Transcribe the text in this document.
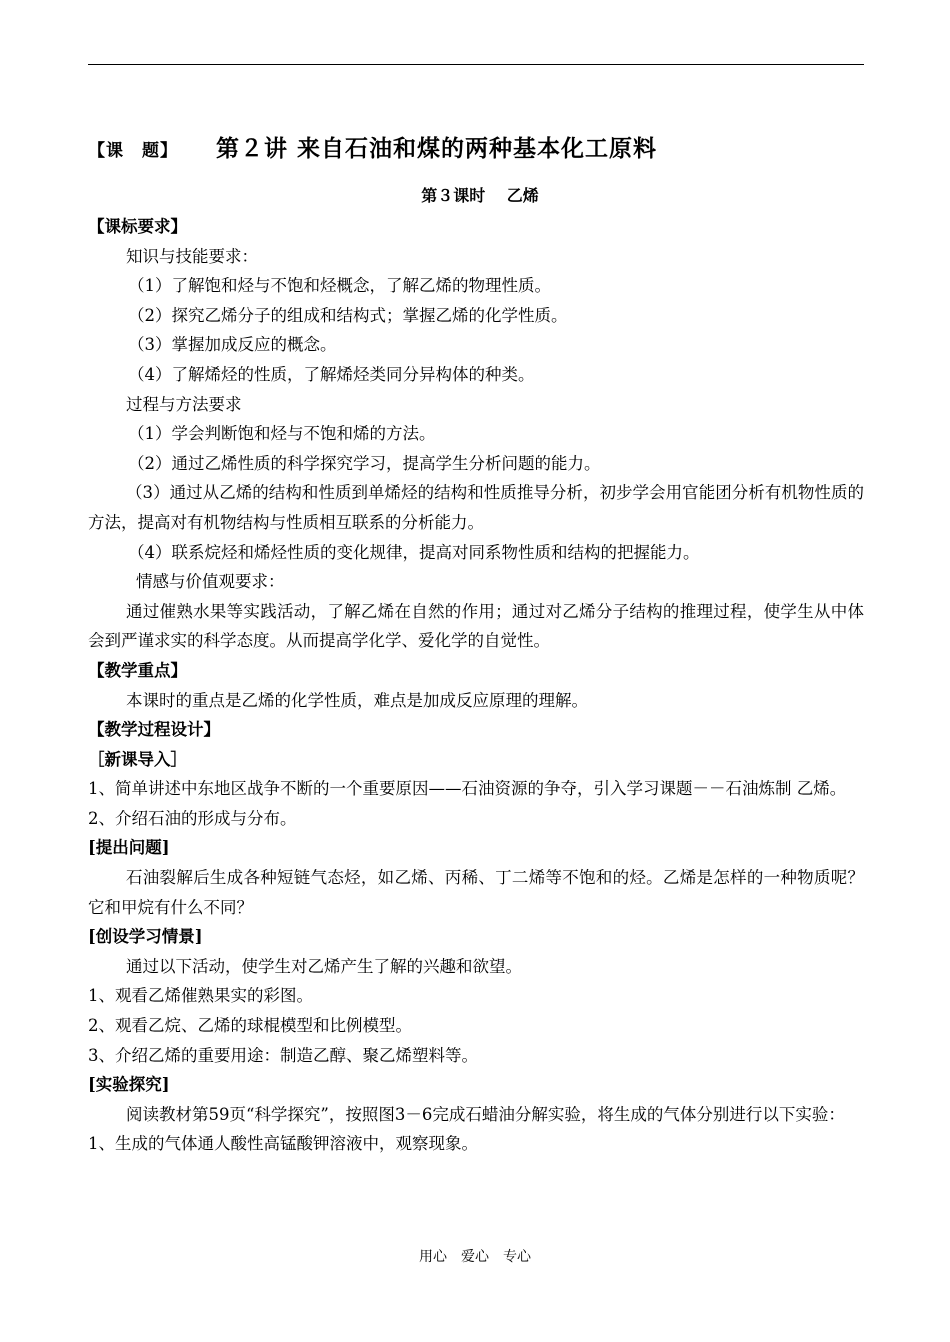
【课　题】	第２讲 来自石油和煤的两种基本化工原料
第３课时　 乙烯
【课标要求】
知识与技能要求：
（1）了解饱和烃与不饱和烃概念，了解乙烯的物理性质。
（2）探究乙烯分子的组成和结构式；掌握乙烯的化学性质。
（3）掌握加成反应的概念。
（4）了解烯烃的性质，了解烯烃类同分异构体的种类。
过程与方法要求
（1）学会判断饱和烃与不饱和烯的方法。
（2）通过乙烯性质的科学探究学习，提高学生分析问题的能力。
（3）通过从乙烯的结构和性质到单烯烃的结构和性质推导分析，初步学会用官能团分析有机物性质的方法，提高对有机物结构与性质相互联系的分析能力。
（4）联系烷烃和烯烃性质的变化规律，提高对同系物性质和结构的把握能力。
情感与价值观要求：
通过催熟水果等实践活动，了解乙烯在自然的作用；通过对乙烯分子结构的推理过程，使学生从中体会到严谨求实的科学态度。从而提高学化学、爱化学的自觉性。
【教学重点】
本课时的重点是乙烯的化学性质，难点是加成反应原理的理解。
【教学过程设计】
［新课导入］
1、简单讲述中东地区战争不断的一个重要原因——石油资源的争夺，引入学习课题－－石油炼制 乙烯。
2、介绍石油的形成与分布。
[提出问题]
石油裂解后生成各种短链气态烃，如乙烯、丙稀、丁二烯等不饱和的烃。乙烯是怎样的一种物质呢？它和甲烷有什么不同？
[创设学习情景]
通过以下活动，使学生对乙烯产生了解的兴趣和欲望。
1、观看乙烯催熟果实的彩图。
2、观看乙烷、乙烯的球棍模型和比例模型。
3、介绍乙烯的重要用途：制造乙醇、聚乙烯塑料等。
[实验探究]
阅读教材第59页“科学探究”，按照图3－6完成石蜡油分解实验，将生成的气体分别进行以下实验：
1、生成的气体通人酸性高锰酸钾溶液中，观察现象。
用心　爱心　专心
